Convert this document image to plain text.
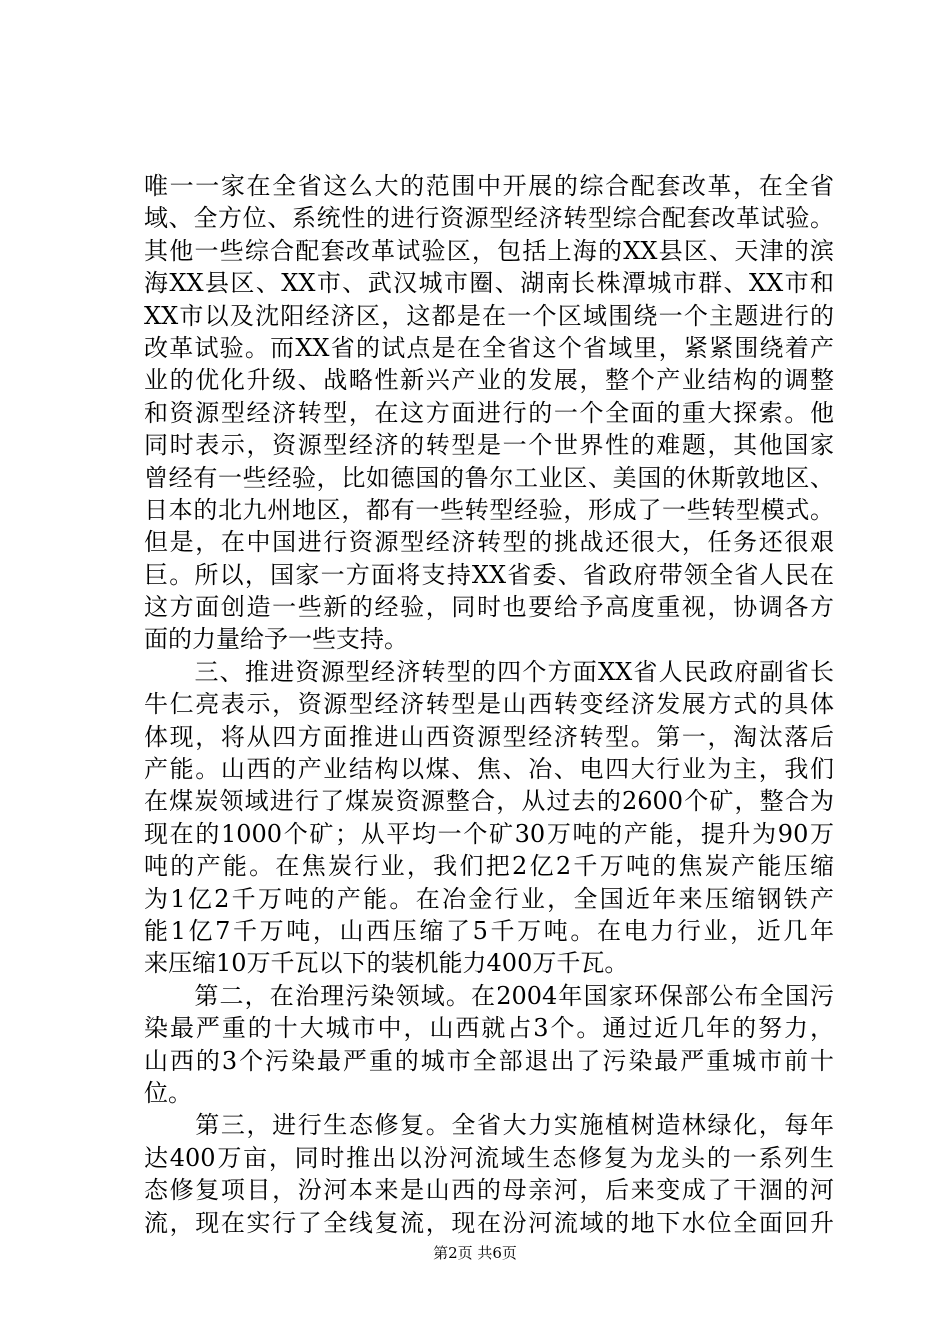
唯一一家在全省这么大的范围中开展的综合配套改革，在全省
域、全方位、系统性的进行资源型经济转型综合配套改革试验。
其他一些综合配套改革试验区，包括上海的XX县区、天津的滨
海XX县区、XX市、武汉城市圈、湖南长株潭城市群、XX市和
XX市以及沈阳经济区，这都是在一个区域围绕一个主题进行的
改革试验。而XX省的试点是在全省这个省域里，紧紧围绕着产
业的优化升级、战略性新兴产业的发展，整个产业结构的调整
和资源型经济转型，在这方面进行的一个全面的重大探索。他
同时表示，资源型经济的转型是一个世界性的难题，其他国家
曾经有一些经验，比如德国的鲁尔工业区、美国的休斯敦地区、
日本的北九州地区，都有一些转型经验，形成了一些转型模式。
但是，在中国进行资源型经济转型的挑战还很大，任务还很艰
巨。所以，国家一方面将支持XX省委、省政府带领全省人民在
这方面创造一些新的经验，同时也要给予高度重视，协调各方
面的力量给予一些支持。
　　三、推进资源型经济转型的四个方面XX省人民政府副省长
牛仁亮表示，资源型经济转型是山西转变经济发展方式的具体
体现，将从四方面推进山西资源型经济转型。第一，淘汰落后
产能。山西的产业结构以煤、焦、冶、电四大行业为主，我们
在煤炭领域进行了煤炭资源整合，从过去的2600个矿，整合为
现在的1000个矿；从平均一个矿30万吨的产能，提升为90万
吨的产能。在焦炭行业，我们把2亿2千万吨的焦炭产能压缩
为1亿2千万吨的产能。在冶金行业，全国近年来压缩钢铁产
能1亿7千万吨，山西压缩了5千万吨。在电力行业，近几年
来压缩10万千瓦以下的装机能力400万千瓦。
　　第二，在治理污染领域。在2004年国家环保部公布全国污
染最严重的十大城市中，山西就占3个。通过近几年的努力，
山西的3个污染最严重的城市全部退出了污染最严重城市前十
位。
　　第三，进行生态修复。全省大力实施植树造林绿化，每年
达400万亩，同时推出以汾河流域生态修复为龙头的一系列生
态修复项目，汾河本来是山西的母亲河，后来变成了干涸的河
流，现在实行了全线复流，现在汾河流域的地下水位全面回升
第2页 共6页
